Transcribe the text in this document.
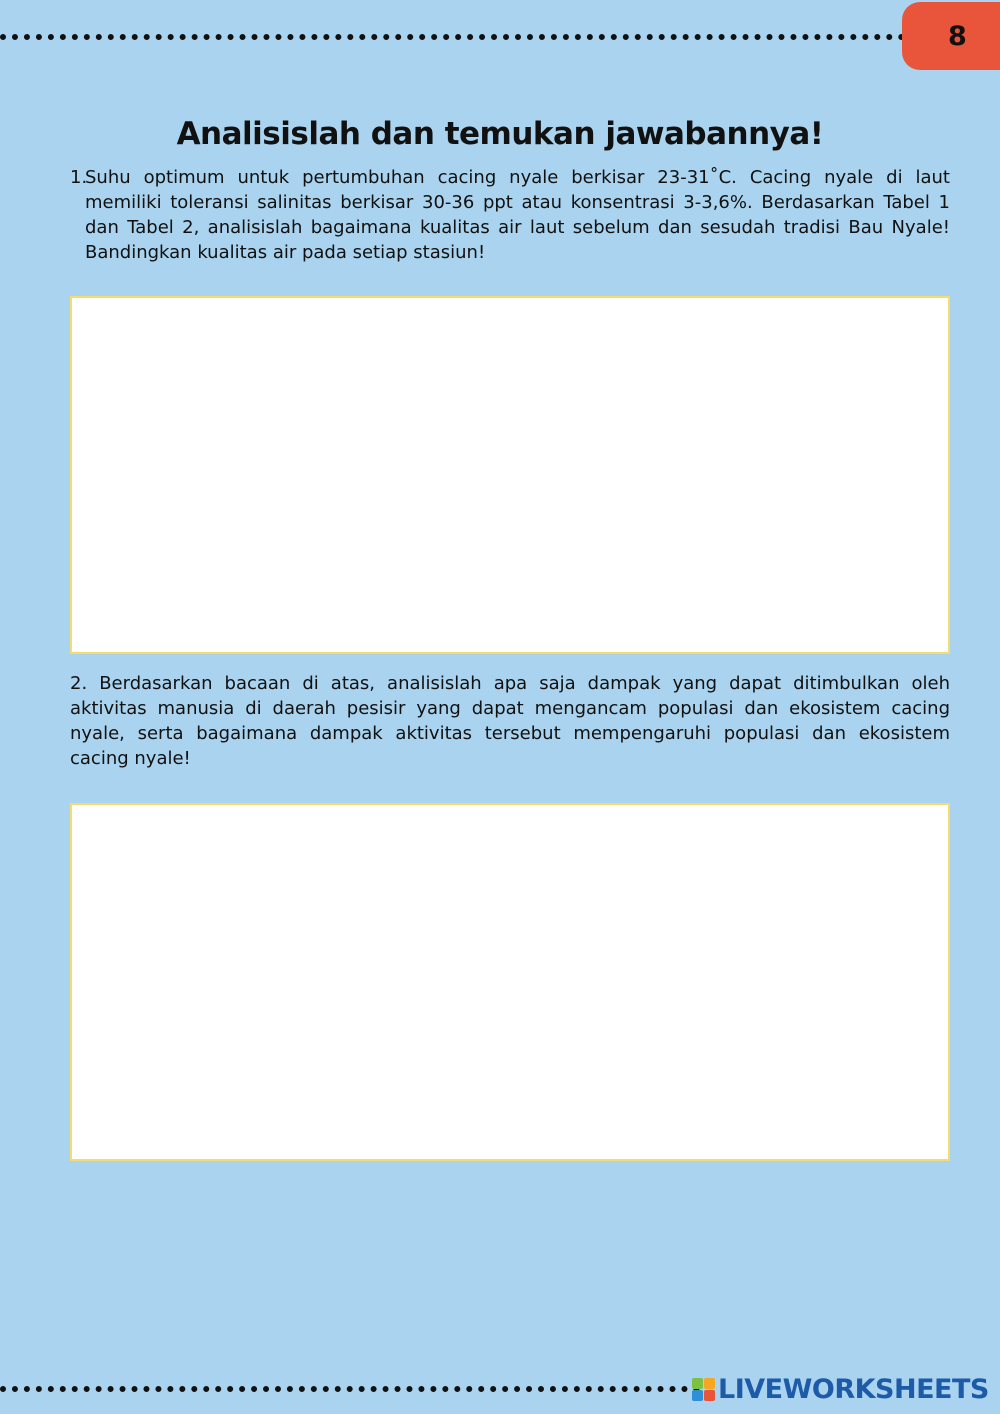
8
Analisislah dan temukan jawabannya!
1.
Suhu optimum untuk pertumbuhan cacing nyale berkisar 23-31˚C. Cacing nyale di laut memiliki toleransi salinitas berkisar 30-36 ppt atau konsentrasi 3-3,6%. Berdasarkan Tabel 1 dan Tabel 2, analisislah bagaimana kualitas air laut sebelum dan sesudah tradisi Bau Nyale! Bandingkan kualitas air pada setiap stasiun!
2. Berdasarkan bacaan di atas, analisislah apa saja dampak yang dapat ditimbulkan oleh aktivitas manusia di daerah pesisir yang dapat mengancam populasi dan ekosistem cacing nyale, serta bagaimana dampak aktivitas tersebut mempengaruhi populasi dan ekosistem cacing nyale!
LIVEWORKSHEETS
